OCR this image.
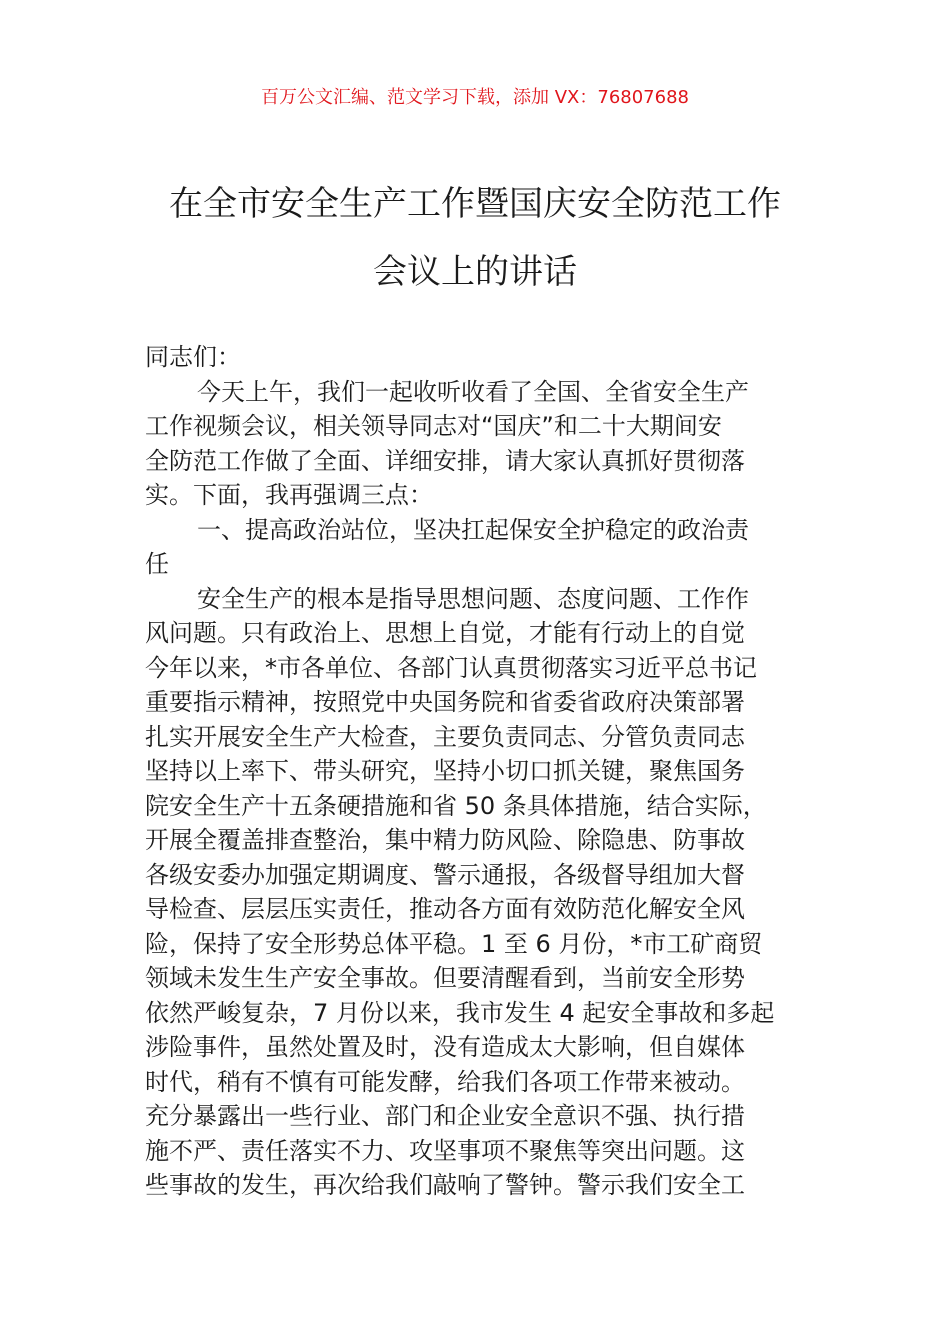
百万公文汇编、范文学习下载，添加 VX：76807688
在全市安全生产工作暨国庆安全防范工作
会议上的讲话
同志们：
今天上午，我们一起收听收看了全国、全省安全生产
工作视频会议，相关领导同志对“国庆”和二十大期间安
全防范工作做了全面、详细安排，请大家认真抓好贯彻落
实。下面，我再强调三点：
一、提高政治站位，坚决扛起保安全护稳定的政治责
任
安全生产的根本是指导思想问题、态度问题、工作作
风问题。只有政治上、思想上自觉，才能有行动上的自觉
今年以来，*市各单位、各部门认真贯彻落实习近平总书记
重要指示精神，按照党中央国务院和省委省政府决策部署
扎实开展安全生产大检查，主要负责同志、分管负责同志
坚持以上率下、带头研究，坚持小切口抓关键，聚焦国务
院安全生产十五条硬措施和省 50 条具体措施，结合实际，
开展全覆盖排查整治，集中精力防风险、除隐患、防事故
各级安委办加强定期调度、警示通报，各级督导组加大督
导检查、层层压实责任，推动各方面有效防范化解安全风
险，保持了安全形势总体平稳。1 至 6 月份，*市工矿商贸
领域未发生生产安全事故。但要清醒看到，当前安全形势
依然严峻复杂，7 月份以来，我市发生 4 起安全事故和多起
涉险事件，虽然处置及时，没有造成太大影响，但自媒体
时代，稍有不慎有可能发酵，给我们各项工作带来被动。
充分暴露出一些行业、部门和企业安全意识不强、执行措
施不严、责任落实不力、攻坚事项不聚焦等突出问题。这
些事故的发生，再次给我们敲响了警钟。警示我们安全工
